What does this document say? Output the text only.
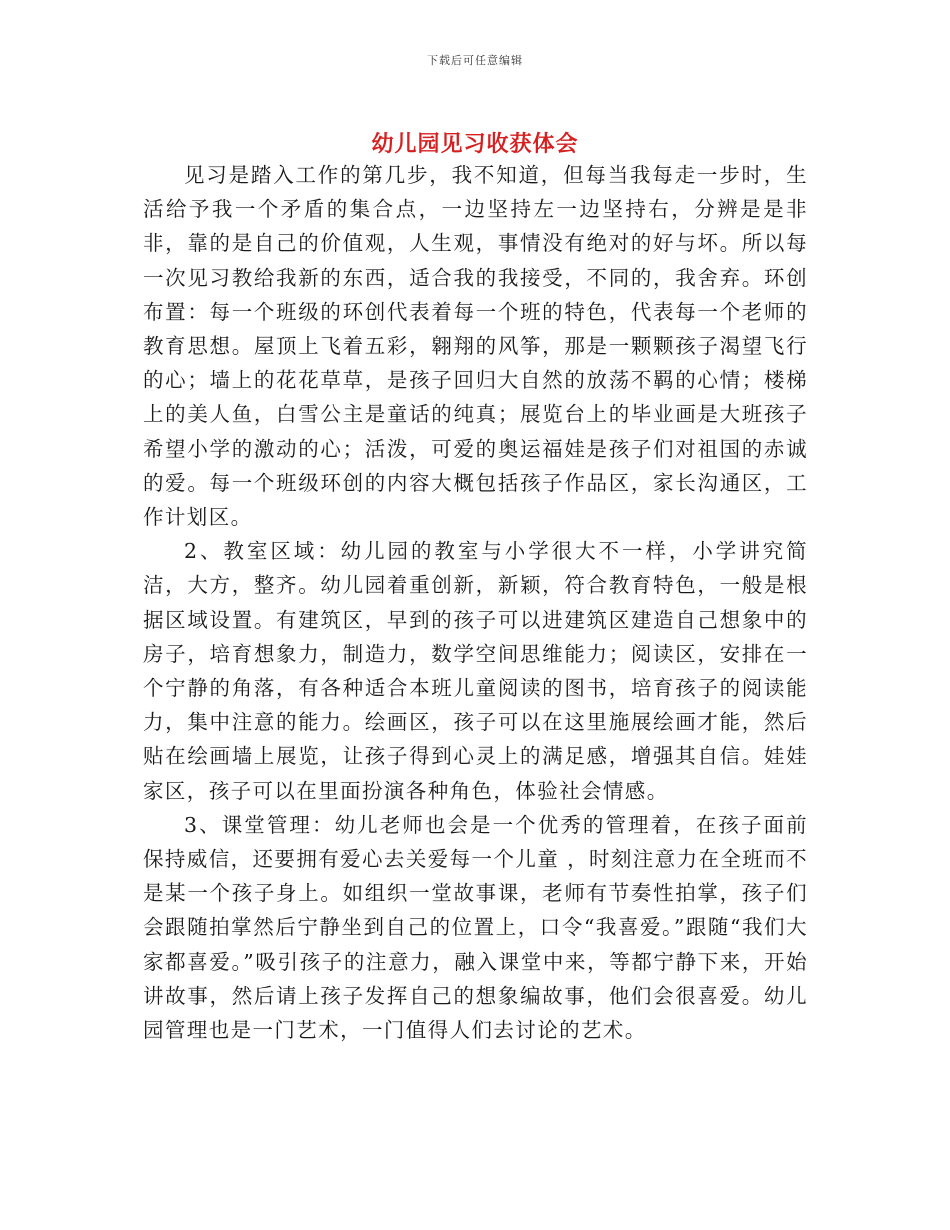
下载后可任意编辑
幼儿园见习收获体会

见习是踏入工作的第几步，我不知道，但每当我每走一步时，生活给予我一个矛盾的集合点，一边坚持左一边坚持右，分辨是是非非，靠的是自己的价值观，人生观，事情没有绝对的好与坏。所以每一次见习教给我新的东西，适合我的我接受，不同的，我舍弃。环创布置：每一个班级的环创代表着每一个班的特色，代表每一个老师的教育思想。屋顶上飞着五彩，翱翔的风筝，那是一颗颗孩子渴望飞行的心；墙上的花花草草，是孩子回归大自然的放荡不羁的心情；楼梯上的美人鱼，白雪公主是童话的纯真；展览台上的毕业画是大班孩子希望小学的激动的心；活泼，可爱的奥运福娃是孩子们对祖国的赤诚的爱。每一个班级环创的内容大概包括孩子作品区，家长沟通区，工作计划区。

2、教室区域：幼儿园的教室与小学很大不一样，小学讲究简洁，大方，整齐。幼儿园着重创新，新颖，符合教育特色，一般是根据区域设置。有建筑区，早到的孩子可以进建筑区建造自己想象中的房子，培育想象力，制造力，数学空间思维能力；阅读区，安排在一个宁静的角落，有各种适合本班儿童阅读的图书，培育孩子的阅读能力，集中注意的能力。绘画区，孩子可以在这里施展绘画才能，然后贴在绘画墙上展览，让孩子得到心灵上的满足感，增强其自信。娃娃家区，孩子可以在里面扮演各种角色，体验社会情感。

3、课堂管理：幼儿老师也会是一个优秀的管理着，在孩子面前保持威信，还要拥有爱心去关爱每一个儿童 ，时刻注意力在全班而不是某一个孩子身上。如组织一堂故事课，老师有节奏性拍掌，孩子们会跟随拍掌然后宁静坐到自己的位置上，口令“我喜爱。”跟随“我们大家都喜爱。”吸引孩子的注意力，融入课堂中来，等都宁静下来，开始讲故事，然后请上孩子发挥自己的想象编故事，他们会很喜爱。幼儿园管理也是一门艺术，一门值得人们去讨论的艺术。
